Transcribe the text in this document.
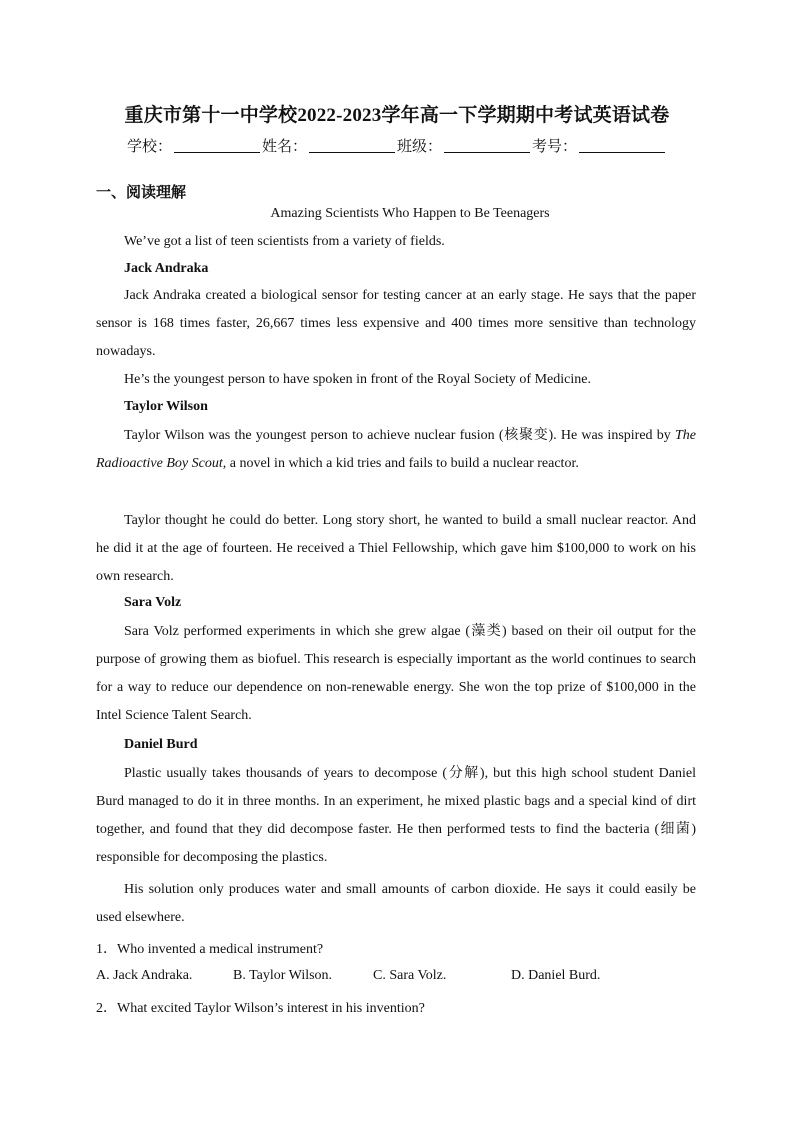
重庆市第十一中学校2022-2023学年高一下学期期中考试英语试卷
学校：	姓名：	班级：	考号：
一、阅读理解
Amazing Scientists Who Happen to Be Teenagers
We’ve got a list of teen scientists from a variety of fields.
Jack Andraka
Jack Andraka created a biological sensor for testing cancer at an early stage. He says that the paper sensor is 168 times faster, 26,667 times less expensive and 400 times more sensitive than technology nowadays.
He’s the youngest person to have spoken in front of the Royal Society of Medicine.
Taylor Wilson
Taylor Wilson was the youngest person to achieve nuclear fusion (核聚变). He was inspired by The Radioactive Boy Scout, a novel in which a kid tries and fails to build a nuclear reactor.
Taylor thought he could do better. Long story short, he wanted to build a small nuclear reactor. And he did it at the age of fourteen. He received a Thiel Fellowship, which gave him $100,000 to work on his own research.
Sara Volz
Sara Volz performed experiments in which she grew algae (藻类) based on their oil output for the purpose of growing them as biofuel. This research is especially important as the world continues to search for a way to reduce our dependence on non-renewable energy. She won the top prize of $100,000 in the Intel Science Talent Search.
Daniel Burd
Plastic usually takes thousands of years to decompose (分解), but this high school student Daniel Burd managed to do it in three months. In an experiment, he mixed plastic bags and a special kind of dirt together, and found that they did decompose faster. He then performed tests to find the bacteria (细菌) responsible for decomposing the plastics.
His solution only produces water and small amounts of carbon dioxide. He says it could easily be used elsewhere.
1．Who invented a medical instrument?
A. Jack Andraka.	B. Taylor Wilson.	C. Sara Volz.	D. Daniel Burd.
2．What excited Taylor Wilson’s interest in his invention?
